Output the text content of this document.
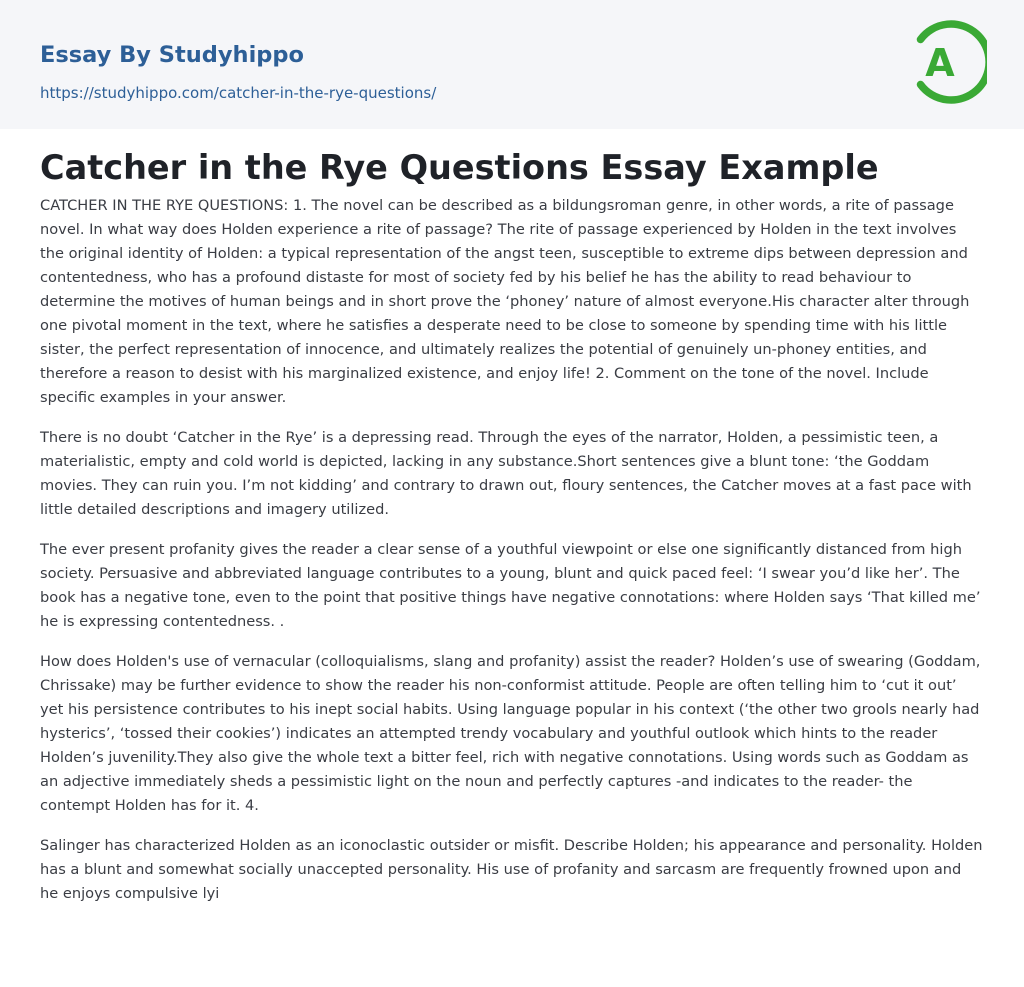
Essay By Studyhippo
https://studyhippo.com/catcher-in-the-rye-questions/
A
Catcher in the Rye Questions Essay Example

CATCHER IN THE RYE QUESTIONS: 1. The novel can be described as a bildungsroman genre, in other words, a rite of passage novel. In what way does Holden experience a rite of passage? The rite of passage experienced by Holden in the text involves the original identity of Holden: a typical representation of the angst teen, susceptible to extreme dips between depression and contentedness, who has a profound distaste for most of society fed by his belief he has the ability to read behaviour to determine the motives of human beings and in short prove the ‘phoney’ nature of almost everyone.His character alter through one pivotal moment in the text, where he satisfies a desperate need to be close to someone by spending time with his little sister, the perfect representation of innocence, and ultimately realizes the potential of genuinely un-phoney entities, and therefore a reason to desist with his marginalized existence, and enjoy life! 2. Comment on the tone of the novel. Include specific examples in your answer.

There is no doubt ‘Catcher in the Rye’ is a depressing read. Through the eyes of the narrator, Holden, a pessimistic teen, a materialistic, empty and cold world is depicted, lacking in any substance.Short sentences give a blunt tone: ‘the Goddam movies. They can ruin you. I’m not kidding’ and contrary to drawn out, floury sentences, the Catcher moves at a fast pace with little detailed descriptions and imagery utilized.

The ever present profanity gives the reader a clear sense of a youthful viewpoint or else one significantly distanced from high society. Persuasive and abbreviated language contributes to a young, blunt and quick paced feel: ‘I swear you’d like her’. The book has a negative tone, even to the point that positive things have negative connotations: where Holden says ‘That killed me’ he is expressing contentedness. .

How does Holden's use of vernacular (colloquialisms, slang and profanity) assist the reader? Holden’s use of swearing (Goddam, Chrissake) may be further evidence to show the reader his non-conformist attitude. People are often telling him to ‘cut it out’ yet his persistence contributes to his inept social habits. Using language popular in his context (‘the other two grools nearly had hysterics’, ‘tossed their cookies’) indicates an attempted trendy vocabulary and youthful outlook which hints to the reader Holden’s juvenility.They also give the whole text a bitter feel, rich with negative connotations. Using words such as Goddam as an adjective immediately sheds a pessimistic light on the noun and perfectly captures -and indicates to the reader- the contempt Holden has for it. 4.

Salinger has characterized Holden as an iconoclastic outsider or misfit. Describe Holden; his appearance and personality. Holden has a blunt and somewhat socially unaccepted personality. His use of profanity and sarcasm are frequently frowned upon and he enjoys compulsive lyi
